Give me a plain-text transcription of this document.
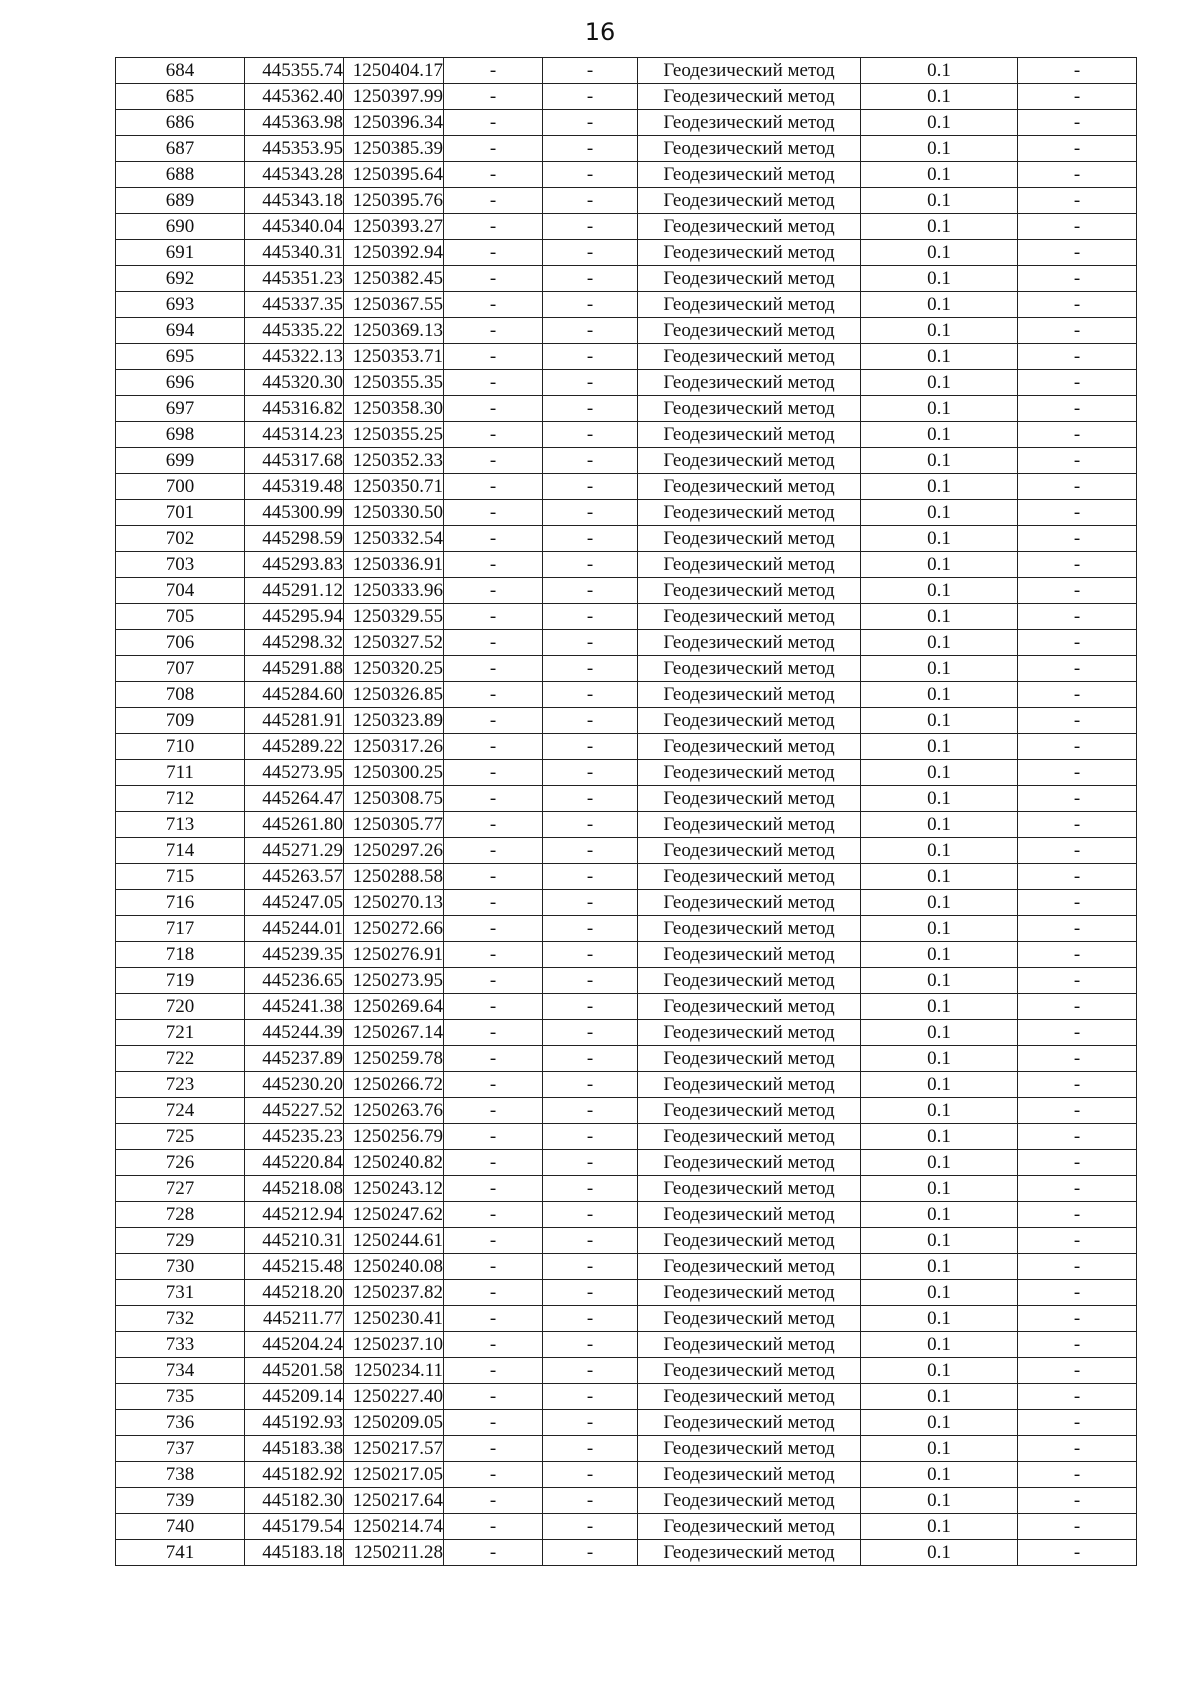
16
684	445355.74	1250404.17	-	-	Геодезический метод	0.1	-
685	445362.40	1250397.99	-	-	Геодезический метод	0.1	-
686	445363.98	1250396.34	-	-	Геодезический метод	0.1	-
687	445353.95	1250385.39	-	-	Геодезический метод	0.1	-
688	445343.28	1250395.64	-	-	Геодезический метод	0.1	-
689	445343.18	1250395.76	-	-	Геодезический метод	0.1	-
690	445340.04	1250393.27	-	-	Геодезический метод	0.1	-
691	445340.31	1250392.94	-	-	Геодезический метод	0.1	-
692	445351.23	1250382.45	-	-	Геодезический метод	0.1	-
693	445337.35	1250367.55	-	-	Геодезический метод	0.1	-
694	445335.22	1250369.13	-	-	Геодезический метод	0.1	-
695	445322.13	1250353.71	-	-	Геодезический метод	0.1	-
696	445320.30	1250355.35	-	-	Геодезический метод	0.1	-
697	445316.82	1250358.30	-	-	Геодезический метод	0.1	-
698	445314.23	1250355.25	-	-	Геодезический метод	0.1	-
699	445317.68	1250352.33	-	-	Геодезический метод	0.1	-
700	445319.48	1250350.71	-	-	Геодезический метод	0.1	-
701	445300.99	1250330.50	-	-	Геодезический метод	0.1	-
702	445298.59	1250332.54	-	-	Геодезический метод	0.1	-
703	445293.83	1250336.91	-	-	Геодезический метод	0.1	-
704	445291.12	1250333.96	-	-	Геодезический метод	0.1	-
705	445295.94	1250329.55	-	-	Геодезический метод	0.1	-
706	445298.32	1250327.52	-	-	Геодезический метод	0.1	-
707	445291.88	1250320.25	-	-	Геодезический метод	0.1	-
708	445284.60	1250326.85	-	-	Геодезический метод	0.1	-
709	445281.91	1250323.89	-	-	Геодезический метод	0.1	-
710	445289.22	1250317.26	-	-	Геодезический метод	0.1	-
711	445273.95	1250300.25	-	-	Геодезический метод	0.1	-
712	445264.47	1250308.75	-	-	Геодезический метод	0.1	-
713	445261.80	1250305.77	-	-	Геодезический метод	0.1	-
714	445271.29	1250297.26	-	-	Геодезический метод	0.1	-
715	445263.57	1250288.58	-	-	Геодезический метод	0.1	-
716	445247.05	1250270.13	-	-	Геодезический метод	0.1	-
717	445244.01	1250272.66	-	-	Геодезический метод	0.1	-
718	445239.35	1250276.91	-	-	Геодезический метод	0.1	-
719	445236.65	1250273.95	-	-	Геодезический метод	0.1	-
720	445241.38	1250269.64	-	-	Геодезический метод	0.1	-
721	445244.39	1250267.14	-	-	Геодезический метод	0.1	-
722	445237.89	1250259.78	-	-	Геодезический метод	0.1	-
723	445230.20	1250266.72	-	-	Геодезический метод	0.1	-
724	445227.52	1250263.76	-	-	Геодезический метод	0.1	-
725	445235.23	1250256.79	-	-	Геодезический метод	0.1	-
726	445220.84	1250240.82	-	-	Геодезический метод	0.1	-
727	445218.08	1250243.12	-	-	Геодезический метод	0.1	-
728	445212.94	1250247.62	-	-	Геодезический метод	0.1	-
729	445210.31	1250244.61	-	-	Геодезический метод	0.1	-
730	445215.48	1250240.08	-	-	Геодезический метод	0.1	-
731	445218.20	1250237.82	-	-	Геодезический метод	0.1	-
732	445211.77	1250230.41	-	-	Геодезический метод	0.1	-
733	445204.24	1250237.10	-	-	Геодезический метод	0.1	-
734	445201.58	1250234.11	-	-	Геодезический метод	0.1	-
735	445209.14	1250227.40	-	-	Геодезический метод	0.1	-
736	445192.93	1250209.05	-	-	Геодезический метод	0.1	-
737	445183.38	1250217.57	-	-	Геодезический метод	0.1	-
738	445182.92	1250217.05	-	-	Геодезический метод	0.1	-
739	445182.30	1250217.64	-	-	Геодезический метод	0.1	-
740	445179.54	1250214.74	-	-	Геодезический метод	0.1	-
741	445183.18	1250211.28	-	-	Геодезический метод	0.1	-
